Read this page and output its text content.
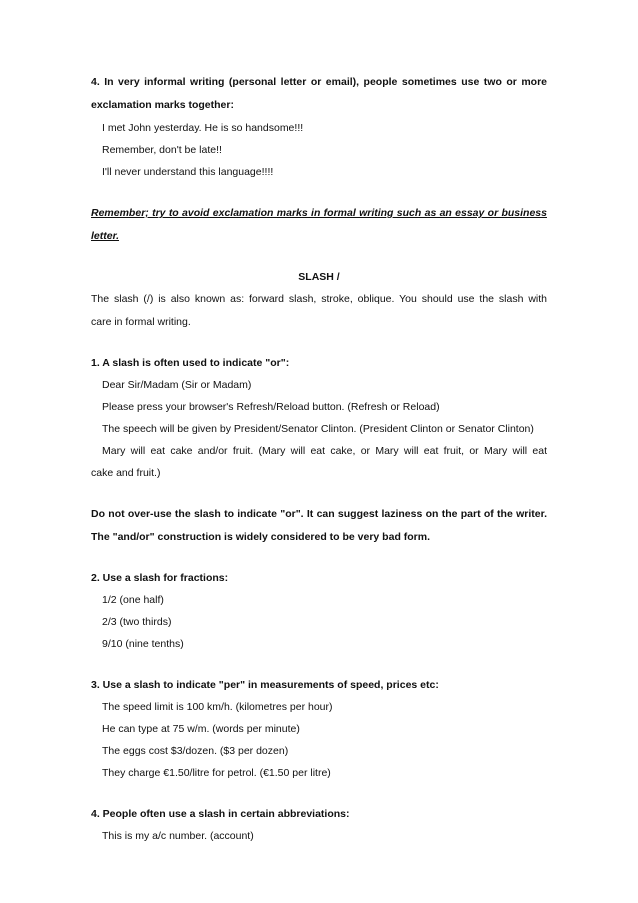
4. In very informal writing (personal letter or email), people sometimes use two or more
exclamation marks together:
I met John yesterday. He is so handsome!!!
Remember, don't be late!!
I'll never understand this language!!!!
Remember; try to avoid exclamation marks in formal writing such as an essay or business
letter.
SLASH /
The slash (/) is also known as: forward slash, stroke, oblique. You should use the slash with
care in formal writing.
1. A slash is often used to indicate "or":
Dear Sir/Madam (Sir or Madam)
Please press your browser's Refresh/Reload button. (Refresh or Reload)
The speech will be given by President/Senator Clinton. (President Clinton or Senator Clinton)
Mary will eat cake and/or fruit. (Mary will eat cake, or Mary will eat fruit, or Mary will eat
cake and fruit.)
Do not over-use the slash to indicate "or". It can suggest laziness on the part of the writer.
The "and/or" construction is widely considered to be very bad form.
2. Use a slash for fractions:
1/2 (one half)
2/3 (two thirds)
9/10 (nine tenths)
3. Use a slash to indicate "per" in measurements of speed, prices etc:
The speed limit is 100 km/h. (kilometres per hour)
He can type at 75 w/m. (words per minute)
The eggs cost $3/dozen. ($3 per dozen)
They charge €1.50/litre for petrol. (€1.50 per litre)
4. People often use a slash in certain abbreviations:
This is my a/c number. (account)
